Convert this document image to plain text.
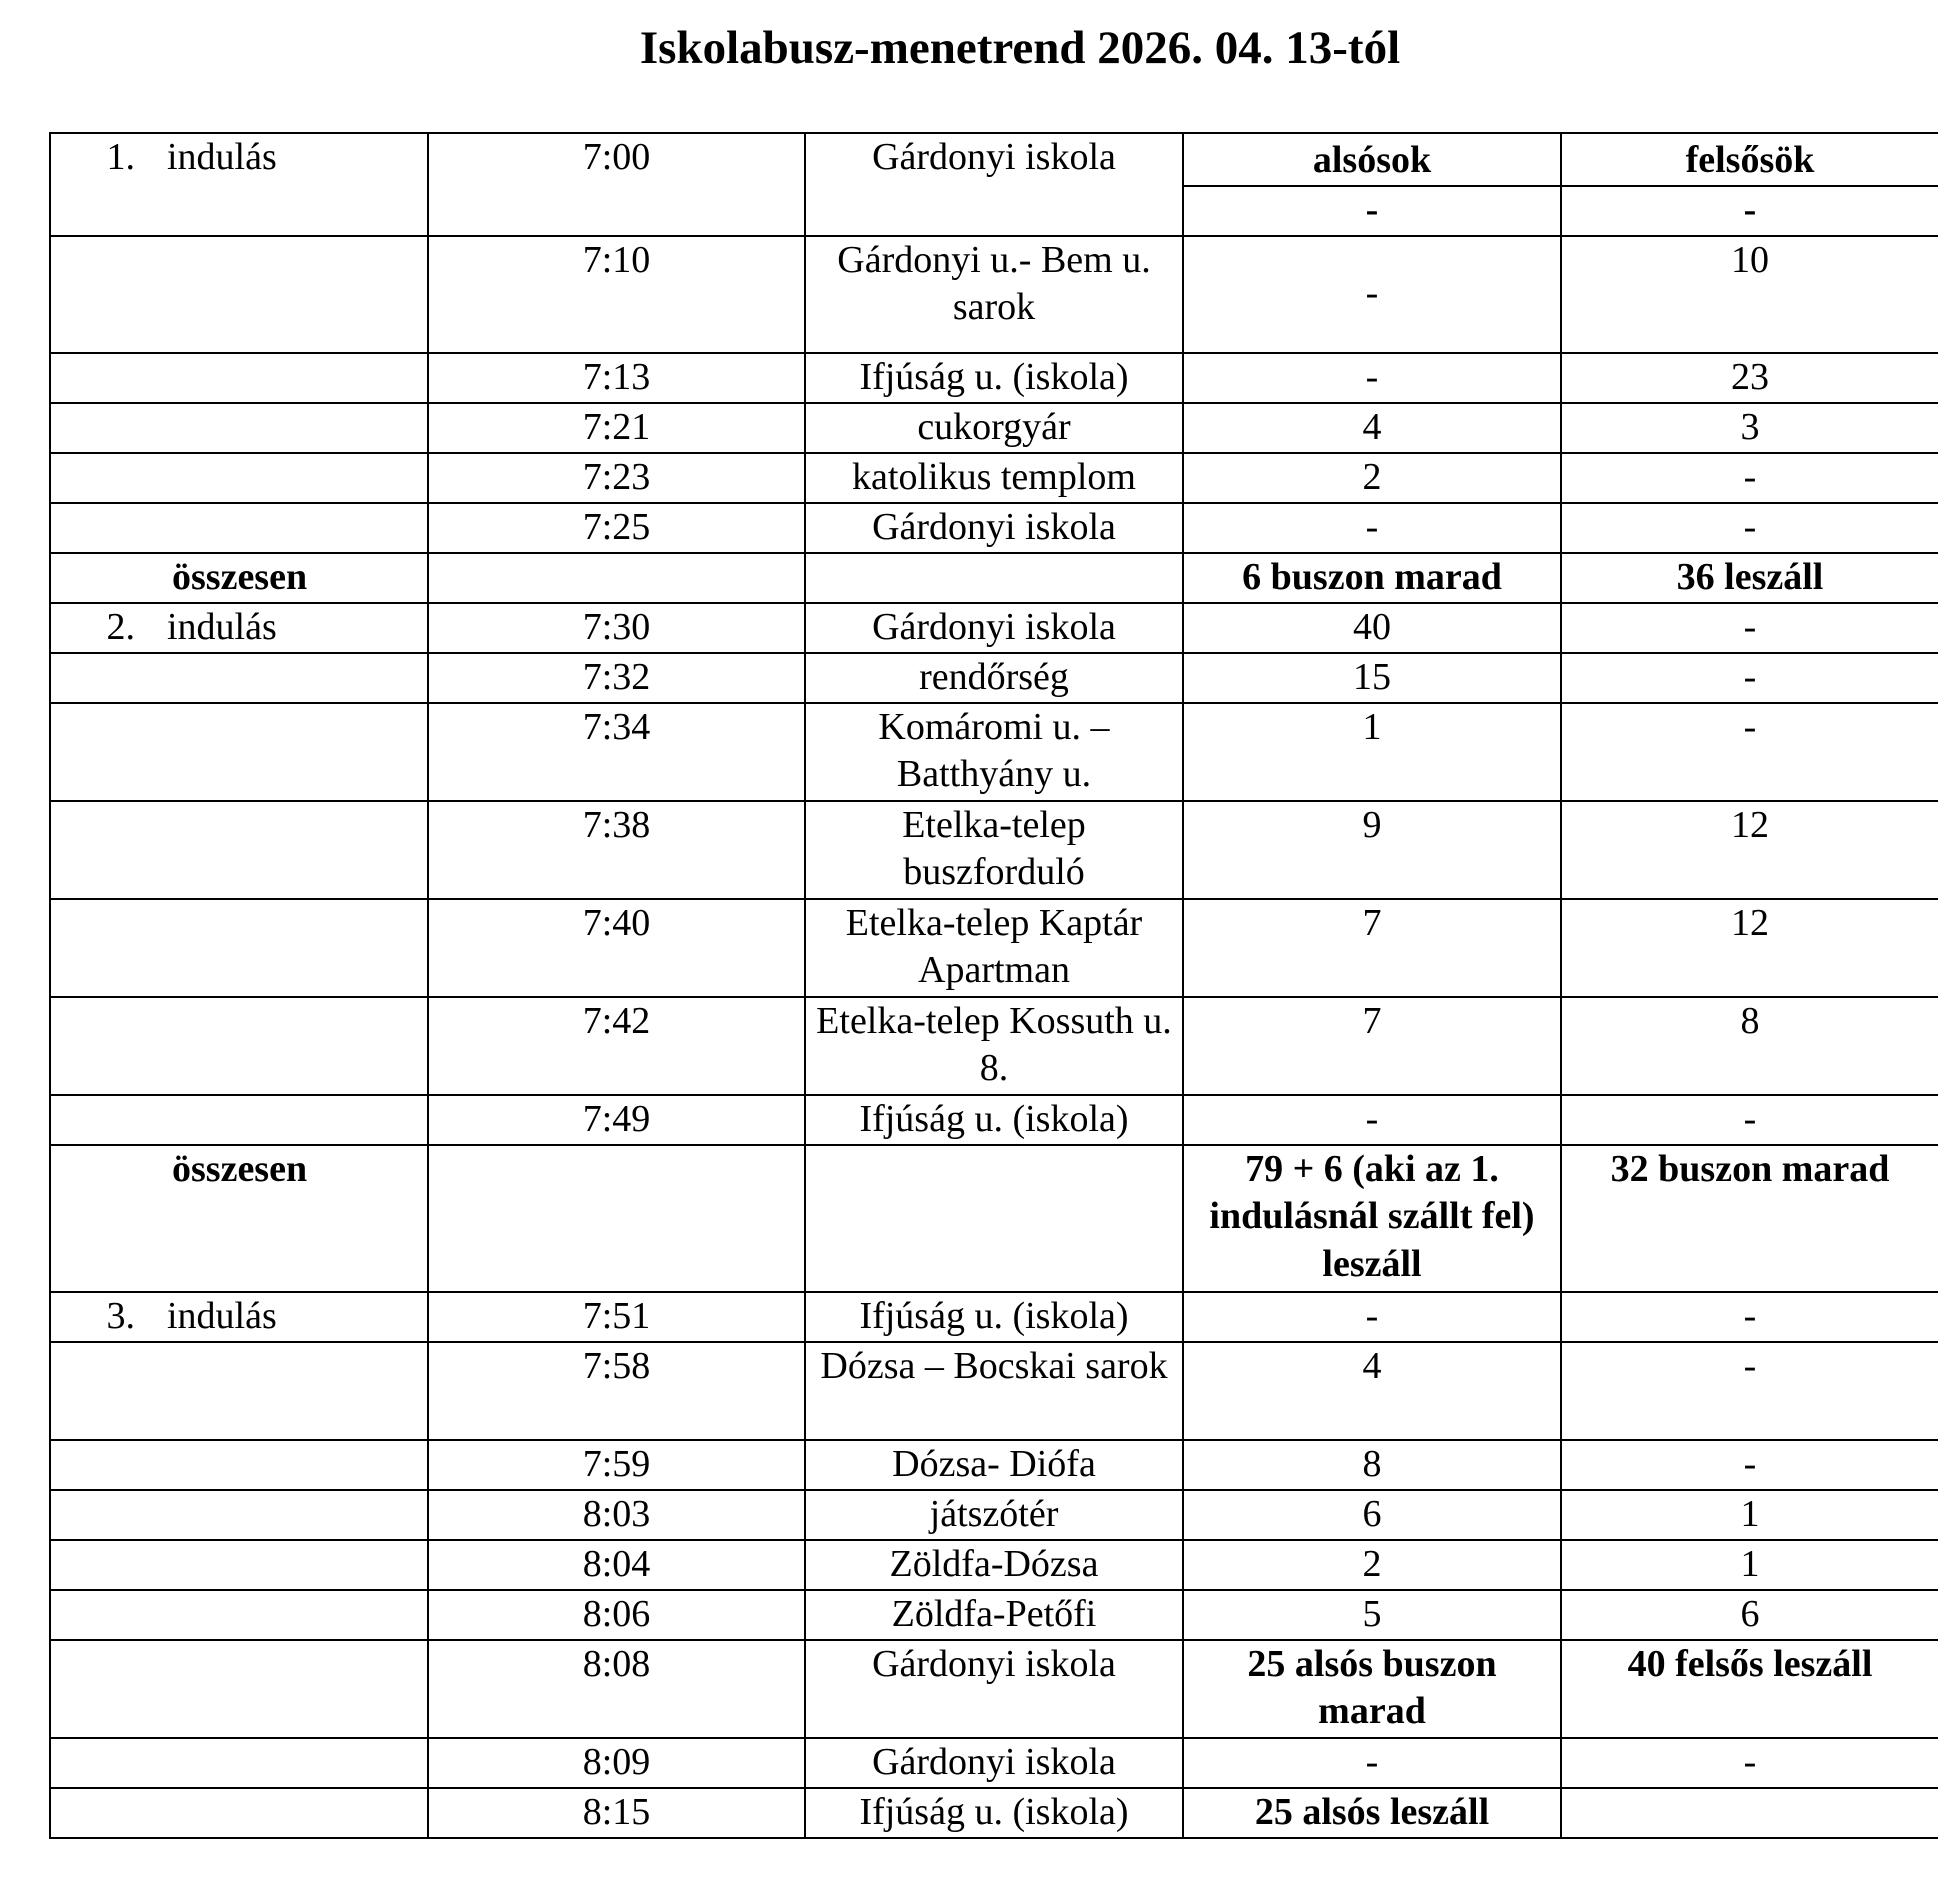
Iskolabusz-menetrend 2026. 04. 13-tól
1. indulás	7:00	Gárdonyi iskola	alsósok	felsősök
			-	-
	7:10	Gárdonyi u.- Bem u. sarok	-	10
	7:13	Ifjúság u. (iskola)	-	23
	7:21	cukorgyár	4	3
	7:23	katolikus templom	2	-
	7:25	Gárdonyi iskola	-	-
összesen			6 buszon marad	36 leszáll
2. indulás	7:30	Gárdonyi iskola	40	-
	7:32	rendőrség	15	-
	7:34	Komáromi u. – Batthyány u.	1	-
	7:38	Etelka-telep buszforduló	9	12
	7:40	Etelka-telep Kaptár Apartman	7	12
	7:42	Etelka-telep Kossuth u. 8.	7	8
	7:49	Ifjúság u. (iskola)	-	-
összesen			79 + 6 (aki az 1. indulásnál szállt fel) leszáll	32 buszon marad
3. indulás	7:51	Ifjúság u. (iskola)	-	-
	7:58	Dózsa – Bocskai sarok	4	-
	7:59	Dózsa- Diófa	8	-
	8:03	játszótér	6	1
	8:04	Zöldfa-Dózsa	2	1
	8:06	Zöldfa-Petőfi	5	6
	8:08	Gárdonyi iskola	25 alsós buszon marad	40 felsős leszáll
	8:09	Gárdonyi iskola	-	-
	8:15	Ifjúság u. (iskola)	25 alsós leszáll	
